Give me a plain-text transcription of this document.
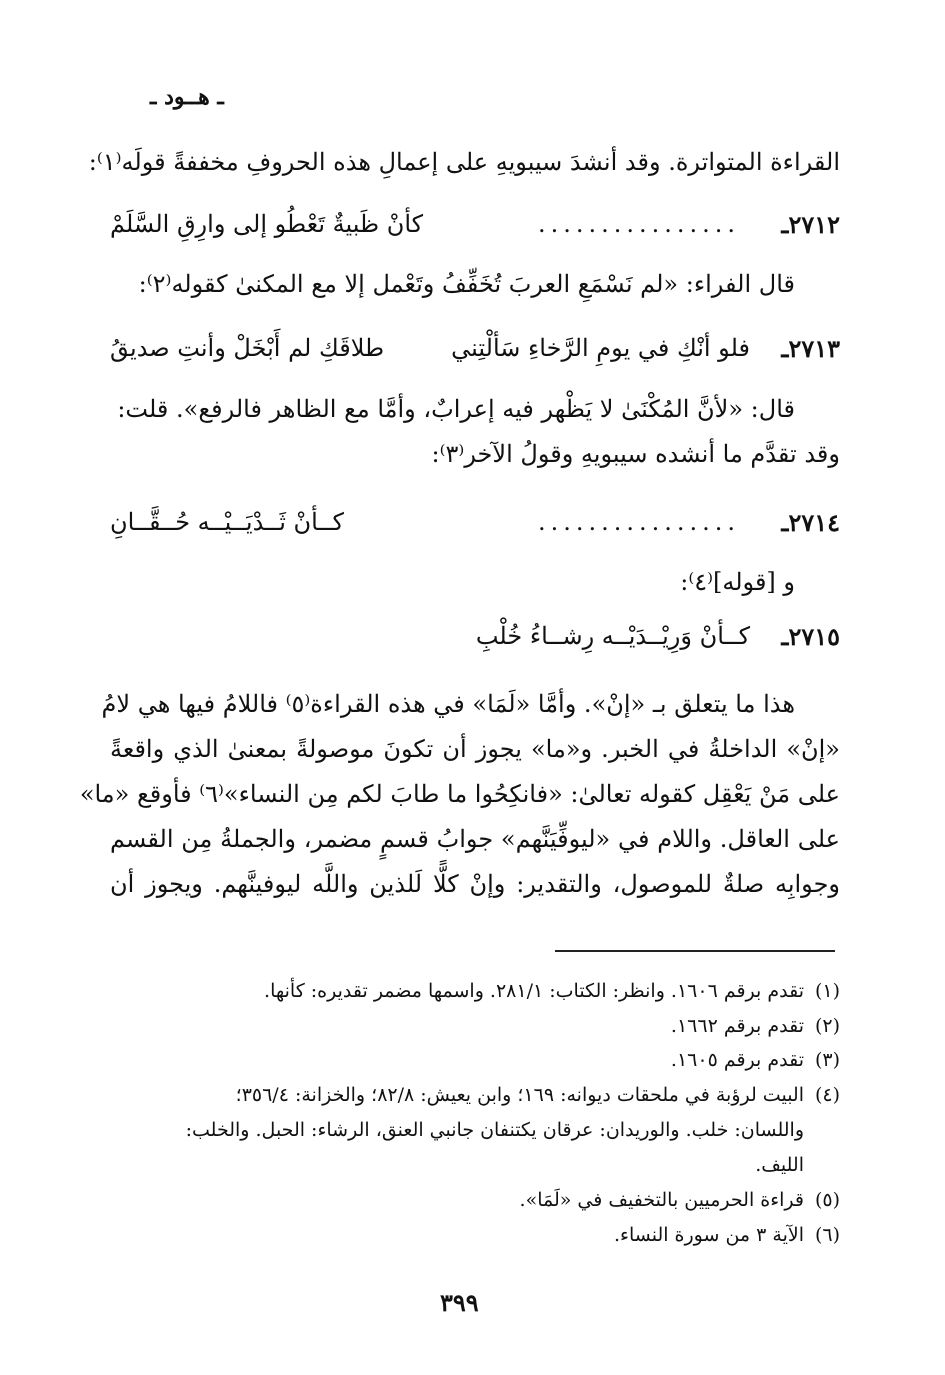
ـ هــود ـ
القراءة المتواترة. وقد أنشدَ سيبويهِ على إعمالِ هذه الحروفِ مخففةً قولَه⁽١⁾:
٢٧١٢ـ
................
كأنْ ظَبيةٌ تَعْطُو إلى وارِقِ السَّلَمْ
قال الفراء: «لم نَسْمَعِ العربَ تُخَفِّفُ وتَعْمل إلا مع المكنىٰ كقوله⁽٢⁾:
٢٧١٣ـ
فلو أنْكِ في يومِ الرَّخاءِ سَألْتِني
طلاقَكِ لم أَبْخَلْ وأنتِ صديقُ
قال: «لأنَّ المُكْنَىٰ لا يَظْهر فيه إعرابٌ، وأمَّا مع الظاهر فالرفع». قلت:
وقد تقدَّم ما أنشده سيبويهِ وقولُ الآخر⁽٣⁾:
٢٧١٤ـ
................
كــأنْ ثَــدْيَــيْــه حُــقَّــانِ
و [قوله]⁽٤⁾:
٢٧١٥ـ
كــأنْ وَرِيْــدَيْــه رِشــاءُ خُلْبِ
هذا ما يتعلق بـ «إنْ». وأمَّا «لَمَا» في هذه القراءة⁽٥⁾ فاللامُ فيها هي لامُ
«إنْ» الداخلةُ في الخبر. و«ما» يجوز أن تكونَ موصولةً بمعنىٰ الذي واقعةً
على مَنْ يَعْقِل كقوله تعالىٰ: «فانكِحُوا ما طابَ لكم مِن النساء»⁽٦⁾ فأوقع «ما»
على العاقل. واللام في «ليوفِّيَنَّهم» جوابُ قسمٍ مضمر، والجملةُ مِن القسم
وجوابِه صلةٌ للموصول، والتقدير: وإنْ كلًّا لَلذين واللَّه ليوفينَّهم. ويجوز أن
(١)
تقدم برقم ١٦٠٦. وانظر: الكتاب: ٢٨١/١. واسمها مضمر تقديره: كأنها.
(٢)
تقدم برقم ١٦٦٢.
(٣)
تقدم برقم ١٦٠٥.
(٤)
البيت لرؤبة في ملحقات ديوانه: ١٦٩؛ وابن يعيش: ٨٢/٨؛ والخزانة: ٣٥٦/٤؛
واللسان: خلب. والوريدان: عرقان يكتنفان جانبي العنق، الرشاء: الحبل. والخلب:
الليف.
(٥)
قراءة الحرميين بالتخفيف في «لَمَا».
(٦)
الآية ٣ من سورة النساء.
٣٩٩
